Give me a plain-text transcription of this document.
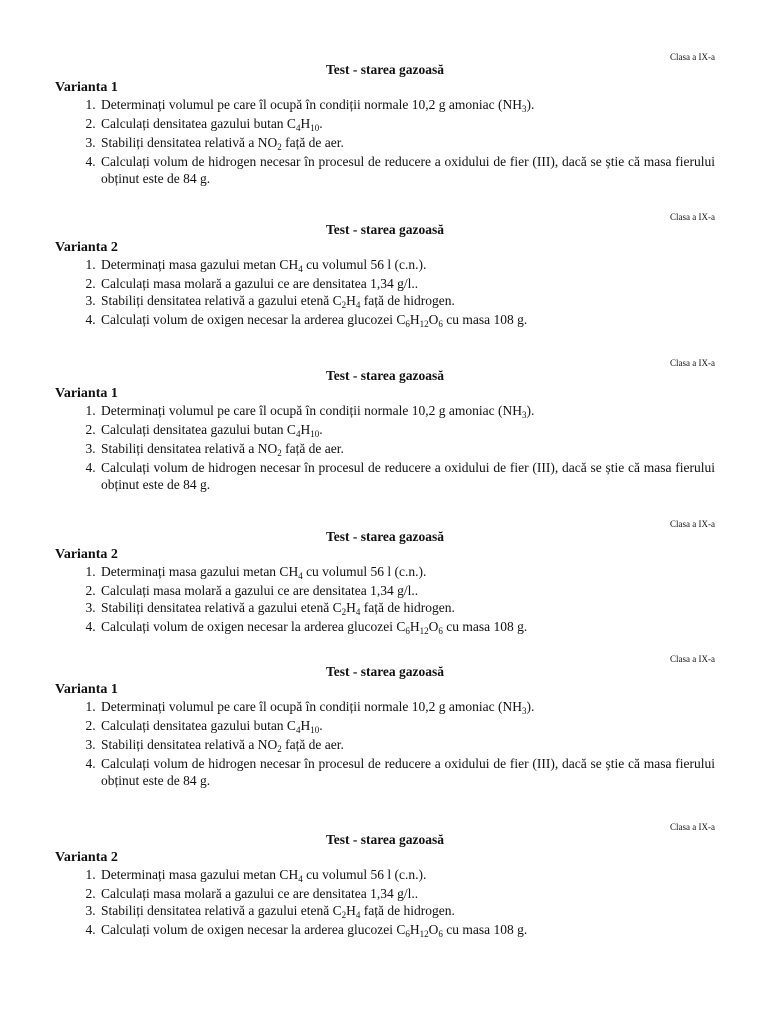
Clasa a IX-a
Test - starea gazoasă
Varianta 1
1. Determinați volumul pe care îl ocupă în condiții normale 10,2 g amoniac $(NH_3)$.
2. Calculați densitatea gazului butan $C_4H_{10}$.
3. Stabiliți densitatea relativă a $NO_2$ față de aer.
4. Calculați volum de hidrogen necesar în procesul de reducere a oxidului de fier (III), dacă se știe că masa fierului obținut este de 84 g.
Clasa a IX-a
Test - starea gazoasă
Varianta 2
1. Determinați masa gazului metan $CH_4$ cu volumul 56 l (c.n.).
2. Calculați masa molară a gazului ce are densitatea 1,34 g/l..
3. Stabiliți densitatea relativă a gazului etenă $C_2H_4$ față de hidrogen.
4. Calculați volum de oxigen necesar la arderea glucozei $C_6H_{12}O_6$ cu masa 108 g.
Clasa a IX-a
Test - starea gazoasă
Varianta 1
1. Determinați volumul pe care îl ocupă în condiții normale 10,2 g amoniac $(NH_3)$.
2. Calculați densitatea gazului butan $C_4H_{10}$.
3. Stabiliți densitatea relativă a $NO_2$ față de aer.
4. Calculați volum de hidrogen necesar în procesul de reducere a oxidului de fier (III), dacă se știe că masa fierului obținut este de 84 g.
Clasa a IX-a
Test - starea gazoasă
Varianta 2
1. Determinați masa gazului metan $CH_4$ cu volumul 56 l (c.n.).
2. Calculați masa molară a gazului ce are densitatea 1,34 g/l..
3. Stabiliți densitatea relativă a gazului etenă $C_2H_4$ față de hidrogen.
4. Calculați volum de oxigen necesar la arderea glucozei $C_6H_{12}O_6$ cu masa 108 g.
Clasa a IX-a
Test - starea gazoasă
Varianta 1
1. Determinați volumul pe care îl ocupă în condiții normale 10,2 g amoniac $(NH_3)$.
2. Calculați densitatea gazului butan $C_4H_{10}$.
3. Stabiliți densitatea relativă a $NO_2$ față de aer.
4. Calculați volum de hidrogen necesar în procesul de reducere a oxidului de fier (III), dacă se știe că masa fierului obținut este de 84 g.
Clasa a IX-a
Test - starea gazoasă
Varianta 2
1. Determinați masa gazului metan $CH_4$ cu volumul 56 l (c.n.).
2. Calculați masa molară a gazului ce are densitatea 1,34 g/l..
3. Stabiliți densitatea relativă a gazului etenă $C_2H_4$ față de hidrogen.
4. Calculați volum de oxigen necesar la arderea glucozei $C_6H_{12}O_6$ cu masa 108 g.
